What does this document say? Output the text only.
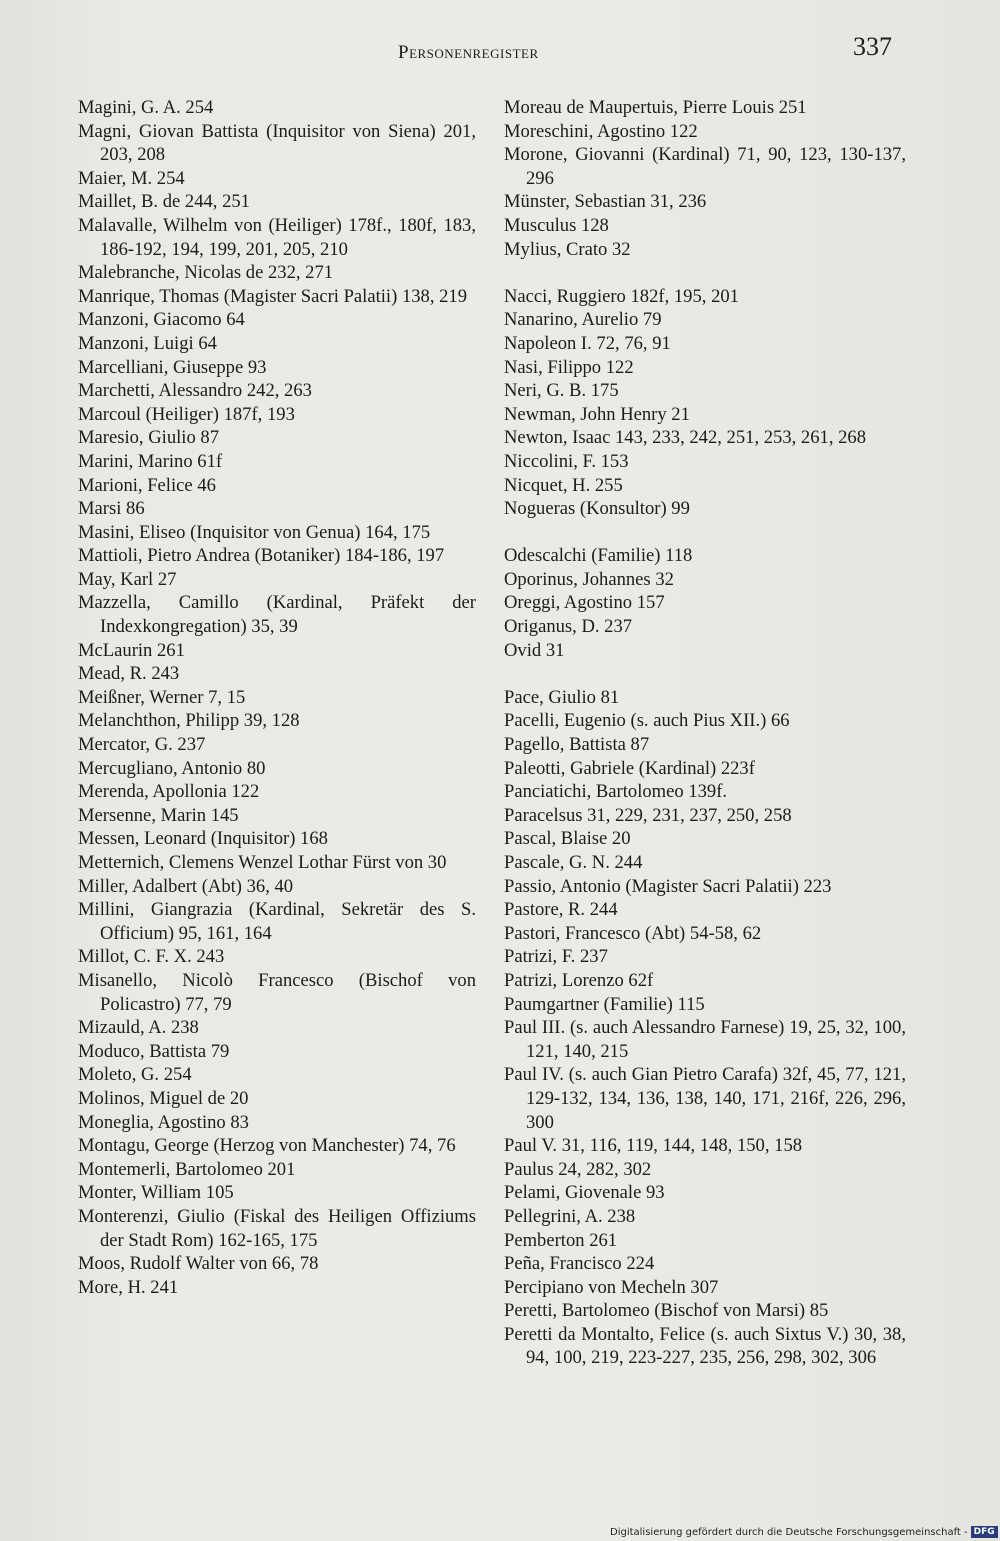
Personenregister	337
Magini, G. A. 254
Magni, Giovan Battista (Inquisitor von Siena) 201, 203, 208
Maier, M. 254
Maillet, B. de 244, 251
Malavalle, Wilhelm von (Heiliger) 178f., 180f, 183, 186-192, 194, 199, 201, 205, 210
Malebranche, Nicolas de 232, 271
Manrique, Thomas (Magister Sacri Palatii) 138, 219
Manzoni, Giacomo 64
Manzoni, Luigi 64
Marcelliani, Giuseppe 93
Marchetti, Alessandro 242, 263
Marcoul (Heiliger) 187f, 193
Maresio, Giulio 87
Marini, Marino 61f
Marioni, Felice 46
Marsi 86
Masini, Eliseo (Inquisitor von Genua) 164, 175
Mattioli, Pietro Andrea (Botaniker) 184-186, 197
May, Karl 27
Mazzella, Camillo (Kardinal, Präfekt der Indexkongregation) 35, 39
McLaurin 261
Mead, R. 243
Meißner, Werner 7, 15
Melanchthon, Philipp 39, 128
Mercator, G. 237
Mercugliano, Antonio 80
Merenda, Apollonia 122
Mersenne, Marin 145
Messen, Leonard (Inquisitor) 168
Metternich, Clemens Wenzel Lothar Fürst von 30
Miller, Adalbert (Abt) 36, 40
Millini, Giangrazia (Kardinal, Sekretär des S. Officium) 95, 161, 164
Millot, C. F. X. 243
Misanello, Nicolò Francesco (Bischof von Policastro) 77, 79
Mizauld, A. 238
Moduco, Battista 79
Moleto, G. 254
Molinos, Miguel de 20
Moneglia, Agostino 83
Montagu, George (Herzog von Manchester) 74, 76
Montemerli, Bartolomeo 201
Monter, William 105
Monterenzi, Giulio (Fiskal des Heiligen Offiziums der Stadt Rom) 162-165, 175
Moos, Rudolf Walter von 66, 78
More, H. 241
Moreau de Maupertuis, Pierre Louis 251
Moreschini, Agostino 122
Morone, Giovanni (Kardinal) 71, 90, 123, 130-137, 296
Münster, Sebastian 31, 236
Musculus 128
Mylius, Crato 32
Nacci, Ruggiero 182f, 195, 201
Nanarino, Aurelio 79
Napoleon I. 72, 76, 91
Nasi, Filippo 122
Neri, G. B. 175
Newman, John Henry 21
Newton, Isaac 143, 233, 242, 251, 253, 261, 268
Niccolini, F. 153
Nicquet, H. 255
Nogueras (Konsultor) 99
Odescalchi (Familie) 118
Oporinus, Johannes 32
Oreggi, Agostino 157
Origanus, D. 237
Ovid 31
Pace, Giulio 81
Pacelli, Eugenio (s. auch Pius XII.) 66
Pagello, Battista 87
Paleotti, Gabriele (Kardinal) 223f
Panciatichi, Bartolomeo 139f.
Paracelsus 31, 229, 231, 237, 250, 258
Pascal, Blaise 20
Pascale, G. N. 244
Passio, Antonio (Magister Sacri Palatii) 223
Pastore, R. 244
Pastori, Francesco (Abt) 54-58, 62
Patrizi, F. 237
Patrizi, Lorenzo 62f
Paumgartner (Familie) 115
Paul III. (s. auch Alessandro Farnese) 19, 25, 32, 100, 121, 140, 215
Paul IV. (s. auch Gian Pietro Carafa) 32f, 45, 77, 121, 129-132, 134, 136, 138, 140, 171, 216f, 226, 296, 300
Paul V. 31, 116, 119, 144, 148, 150, 158
Paulus 24, 282, 302
Pelami, Giovenale 93
Pellegrini, A. 238
Pemberton 261
Peña, Francisco 224
Percipiano von Mecheln 307
Peretti, Bartolomeo (Bischof von Marsi) 85
Peretti da Montalto, Felice (s. auch Sixtus V.) 30, 38, 94, 100, 219, 223-227, 235, 256, 298, 302, 306
Digitalisierung gefördert durch die Deutsche Forschungsgemeinschaft - DFG
